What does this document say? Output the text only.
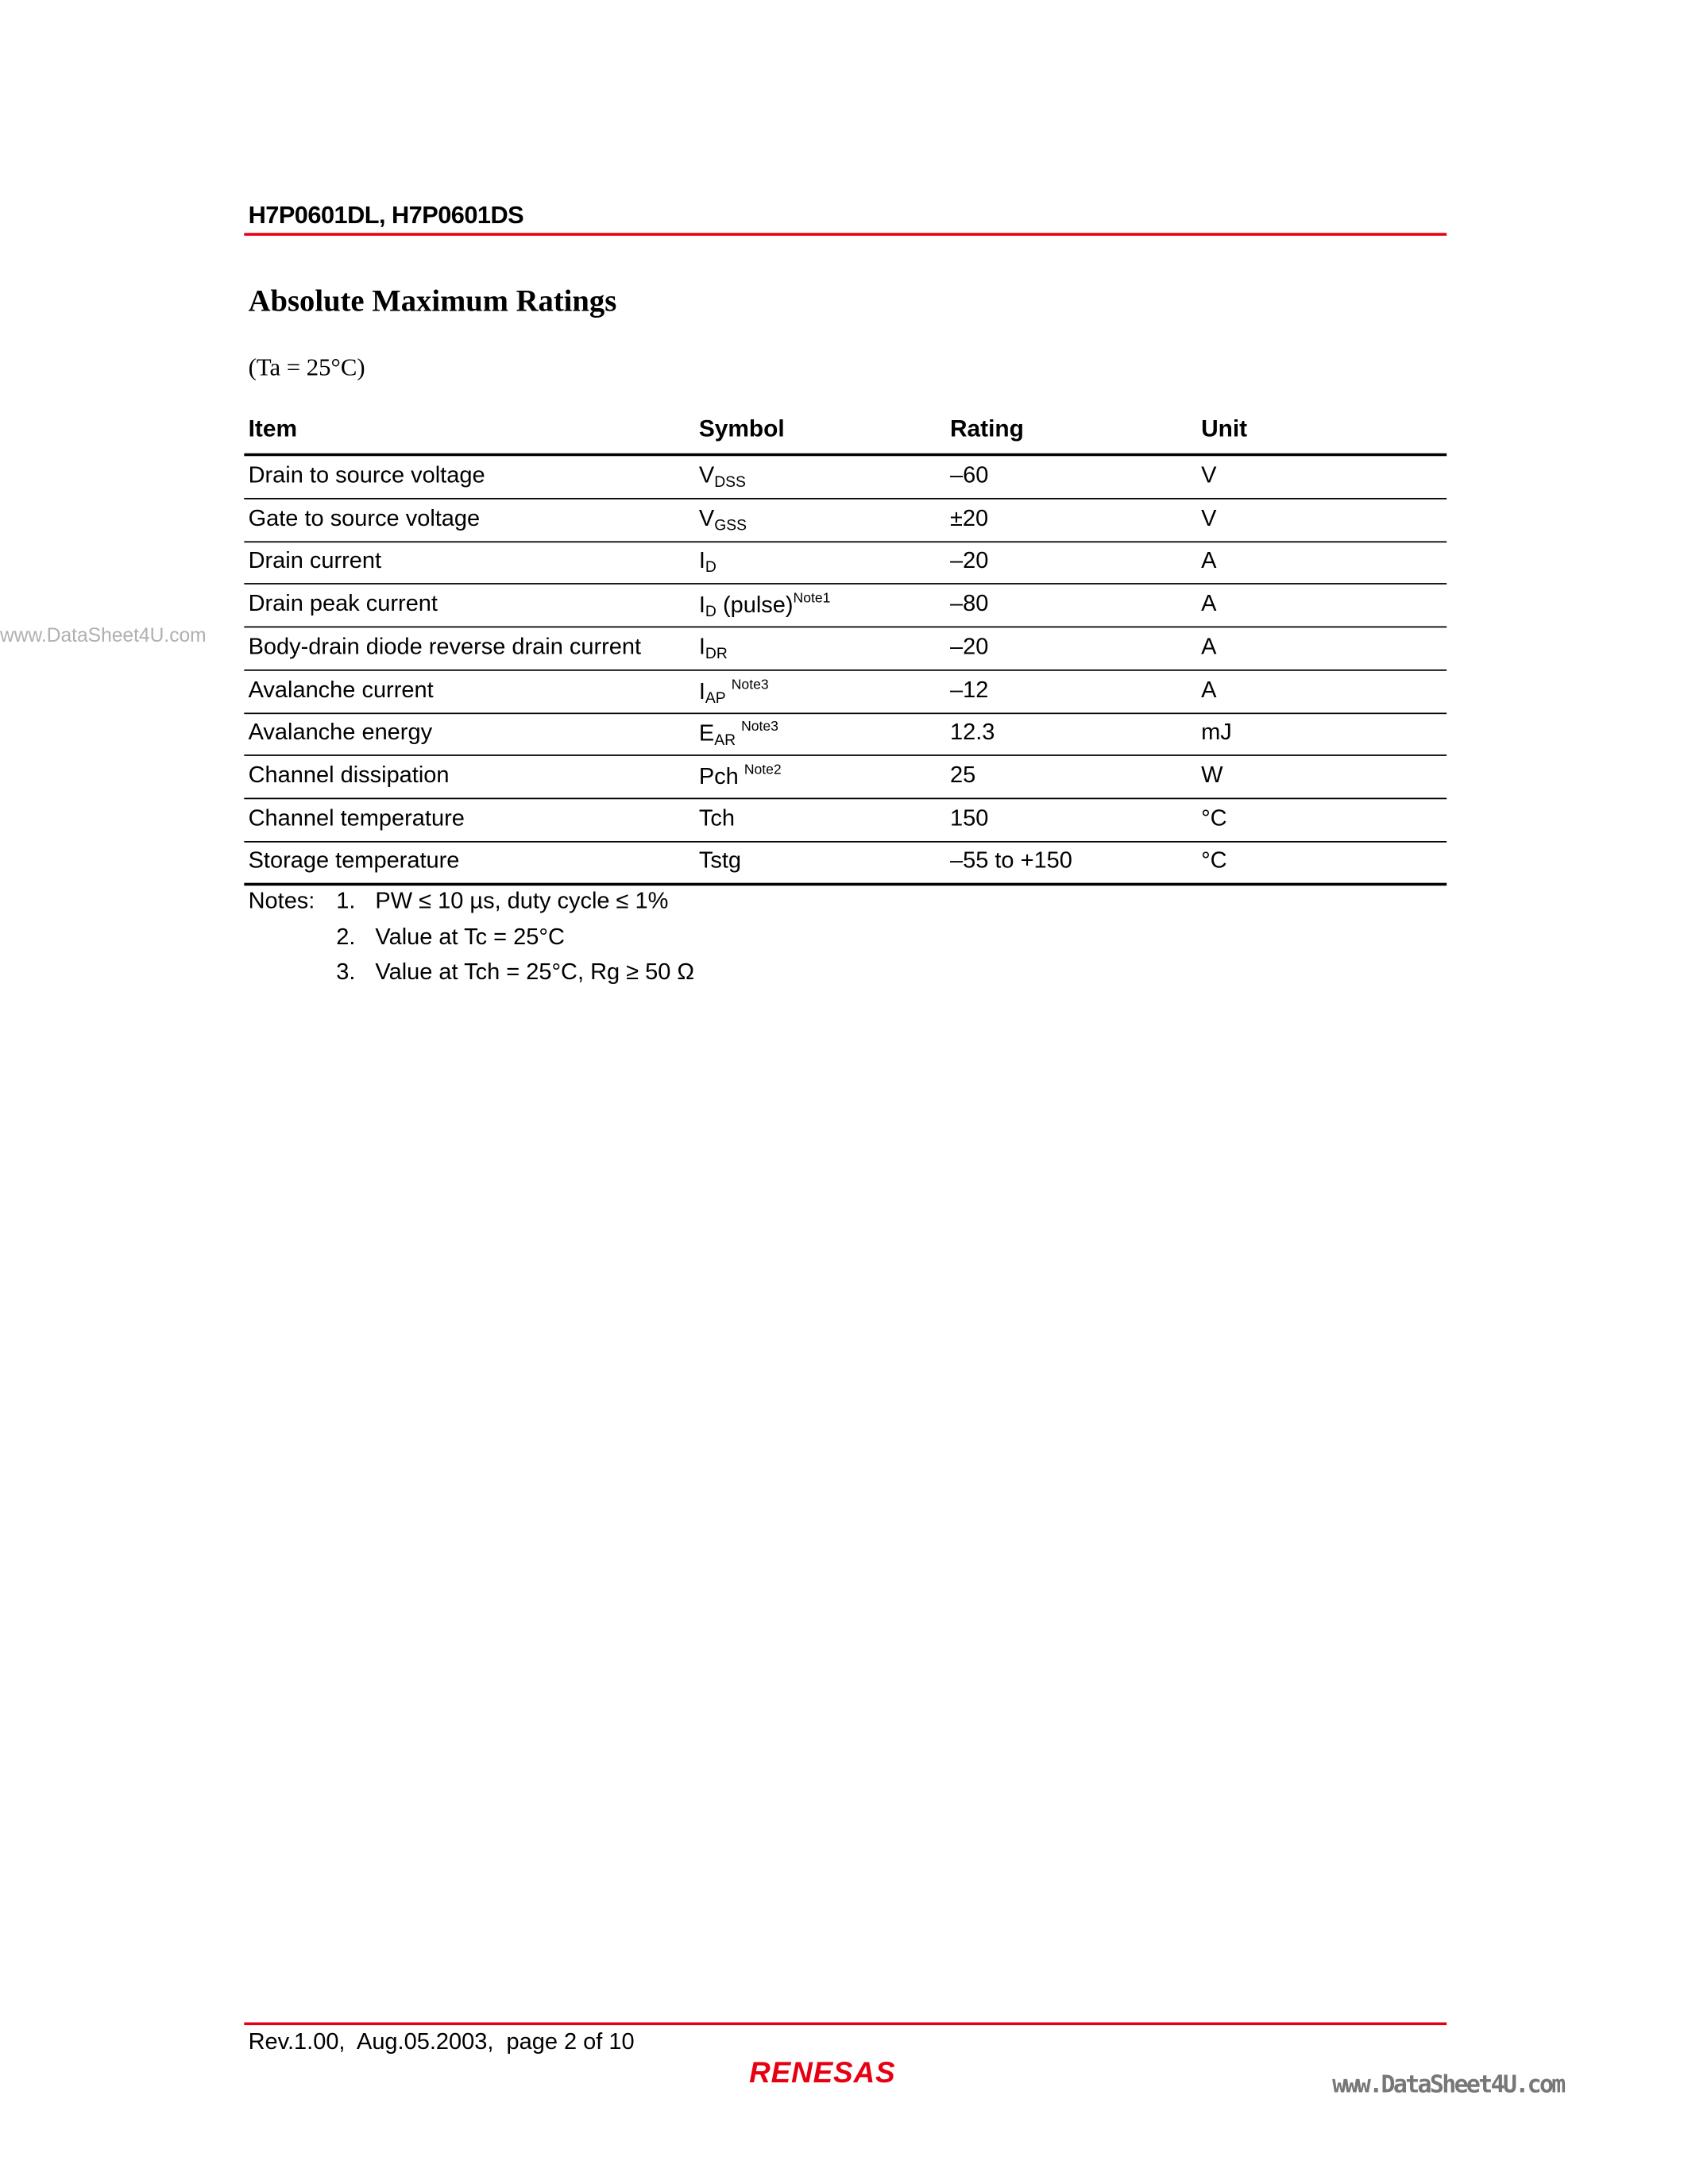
H7P0601DL, H7P0601DS
Absolute Maximum Ratings
(Ta = 25°C)
Item	Symbol	Rating	Unit
Drain to source voltage	$V_{DSS}$	–60	V
Gate to source voltage	$V_{GSS}$	±20	V
Drain current	$I_D$	–20	A
Drain peak current	$I_D$ (pulse)$^{Note1}$	–80	A
Body-drain diode reverse drain current	$I_{DR}$	–20	A
Avalanche current	$I_{AP}^{Note3}$	–12	A
Avalanche energy	$E_{AR}^{Note3}$	12.3	mJ
Channel dissipation	Pch $^{Note2}$	25	W
Channel temperature	Tch	150	°C
Storage temperature	Tstg	–55 to +150	°C
www.DataSheet4U.com
Notes: 1. PW ≤ 10 µs, duty cycle ≤ 1%
2. Value at Tc = 25°C
3. Value at Tch = 25°C, Rg ≥ 50 Ω
Rev.1.00,  Aug.05.2003,  page 2 of 10
RENESAS	www.DataSheet4U.com
